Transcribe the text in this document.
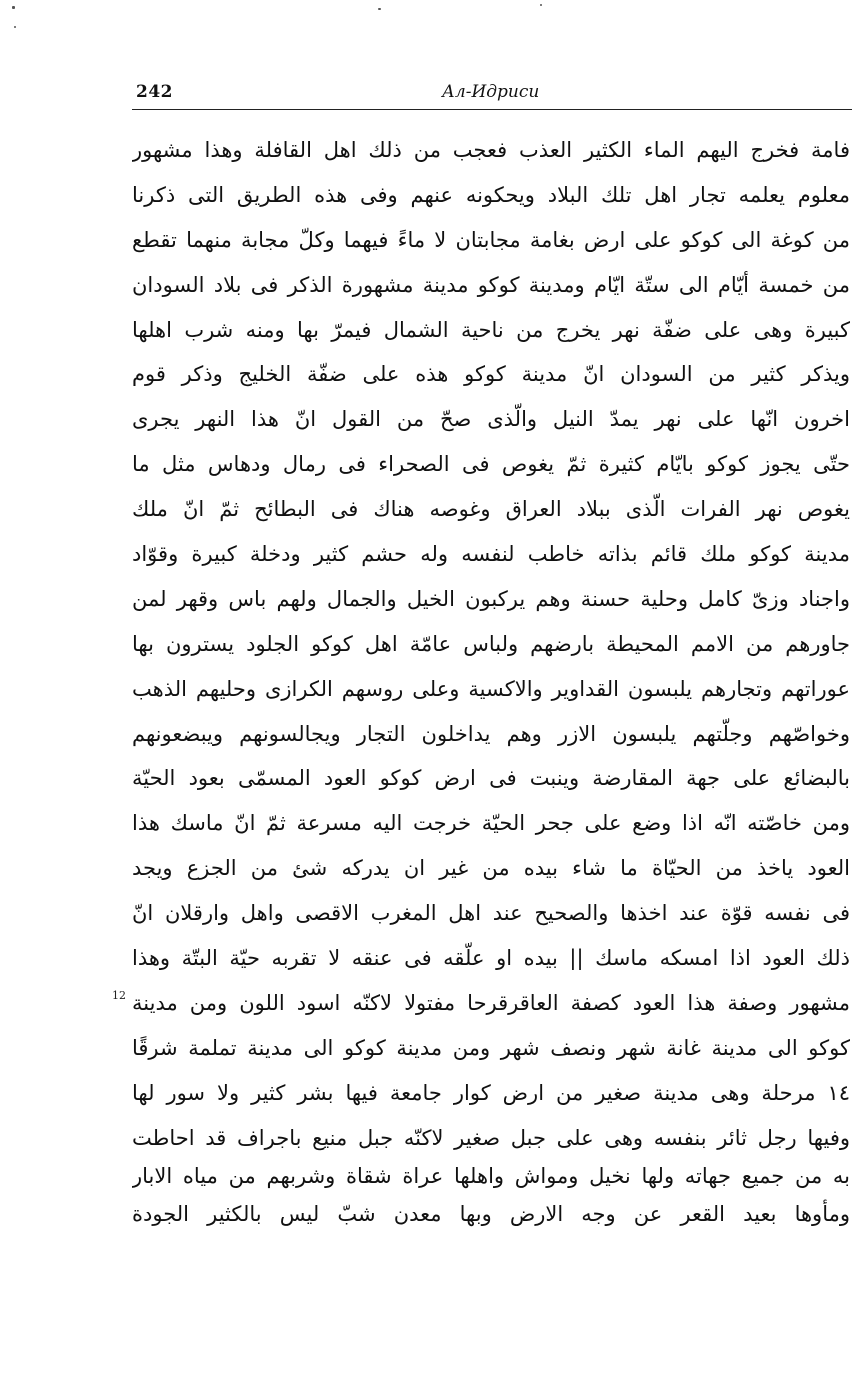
242	Ал-Идриси
12
فامة فخرج اليهم الماء الكثير العذب فعجب من ذلك اهل القافلة وهذا مشهور
معلوم يعلمه تجار اهل تلك البلاد ويحكونه عنهم وفى هذه الطريق التى ذكرنا
من كوغة الى كوكو على ارض بغامة مجابتان لا ماءً فيهما وكلّ مجابة منهما تقطع
من خمسة أيّام الى ستّة ايّام ومدينة كوكو مدينة مشهورة الذكر فى بلاد السودان
كبيرة وهى على ضفّة نهر يخرج من ناحية الشمال فيمرّ بها ومنه شرب اهلها
ويذكر كثير من السودان انّ مدينة كوكو هذه على ضفّة الخليج وذكر قوم
اخرون انّها على نهر يمدّ النيل والّذى صحّ من القول انّ هذا النهر يجرى
حتّى يجوز كوكو بايّام كثيرة ثمّ يغوص فى الصحراء فى رمال ودهاس مثل ما
يغوص نهر الفرات الّذى ببلاد العراق وغوصه هناك فى البطائح ثمّ انّ ملك
مدينة كوكو ملك قائم بذاته خاطب لنفسه وله حشم كثير ودخلة كبيرة وقوّاد
واجناد وزىّ كامل وحلية حسنة وهم يركبون الخيل والجمال ولهم باس وقهر لمن
جاورهم من الامم المحيطة بارضهم ولباس عامّة اهل كوكو الجلود يسترون بها
عوراتهم وتجارهم يلبسون القداوير والاكسية وعلى روسهم الكرازى وحليهم الذهب
وخواصّهم وجلّتهم يلبسون الازر وهم يداخلون التجار ويجالسونهم ويبضعونهم
بالبضائع على جهة المقارضة وينبت فى ارض كوكو العود المسمّى بعود الحيّة
ومن خاصّته انّه اذا وضع على جحر الحيّة خرجت اليه مسرعة ثمّ انّ ماسك هذا
العود ياخذ من الحيّاة ما شاء بيده من غير ان يدركه شئ من الجزع ويجد
فى نفسه قوّة عند اخذها والصحيح عند اهل المغرب الاقصى واهل وارقلان انّ
ذلك العود اذا امسكه ماسك || بيده او علّقه فى عنقه لا تقربه حيّة البتّة وهذا
مشهور وصفة هذا العود كصفة العاقرقرحا مفتولا لاكنّه اسود اللون ومن مدينة
كوكو الى مدينة غانة شهر ونصف شهر ومن مدينة كوكو الى مدينة تملمة شرقًا
١٤ مرحلة وهى مدينة صغير من ارض كوار جامعة فيها بشر كثير ولا سور لها
وفيها رجل ثائر بنفسه وهى على جبل صغير لاكنّه جبل منيع باجراف قد احاطت
به من جميع جهاته ولها نخيل ومواش واهلها عراة شقاة وشربهم من مياه الابار
ومأوها بعيد القعر عن وجه الارض وبها معدن شبّ ليس بالكثير الجودة
